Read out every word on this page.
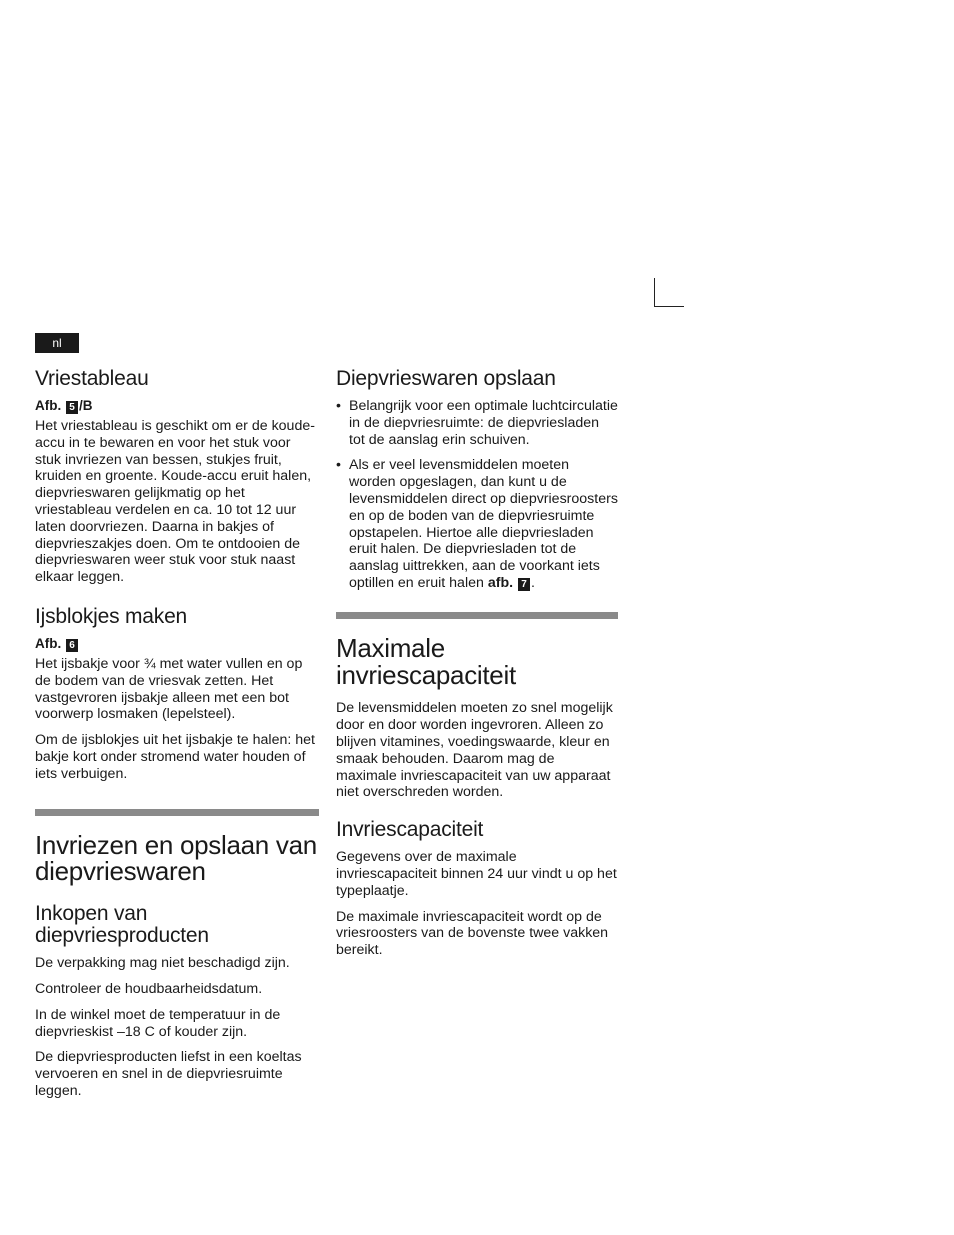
nl
Vriestableau
Afb. 5 /B

Het vriestableau is geschikt om er de koude-accu in te bewaren en voor het stuk voor stuk invriezen van bessen, stukjes fruit, kruiden en groente. Koude-accu eruit halen, diepvrieswaren gelijkmatig op het vriestableau verdelen en ca. 10 tot 12 uur laten doorvriezen. Daarna in bakjes of diepvrieszakjes doen. Om te ontdooien de diepvrieswaren weer stuk voor stuk naast elkaar leggen.

Ijsblokjes maken
Afb. 6

Het ijsbakje voor ¾ met water vullen en op de bodem van de vriesvak zetten. Het vastgevroren ijsbakje alleen met een bot voorwerp losmaken (lepelsteel).

Om de ijsblokjes uit het ijsbakje te halen: het bakje kort onder stromend water houden of iets verbuigen.

Invriezen en opslaan van diepvrieswaren
Inkopen van diepvriesproducten

De verpakking mag niet beschadigd zijn.

Controleer de houdbaarheidsdatum.

In de winkel moet de temperatuur in de diepvrieskist –18 C of kouder zijn.

De diepvriesproducten liefst in een koeltas vervoeren en snel in de diepvriesruimte leggen.

Diepvrieswaren opslaan
• Belangrijk voor een optimale luchtcirculatie in de diepvriesruimte: de diepvriesladen tot de aanslag erin schuiven.
• Als er veel levensmiddelen moeten worden opgeslagen, dan kunt u de levensmiddelen direct op diepvriesroosters en op de boden van de diepvriesruimte opstapelen. Hiertoe alle diepvriesladen eruit halen. De diepvriesladen tot de aanslag uittrekken, aan de voorkant iets optillen en eruit halen afb. 7 .
Maximale invriescapaciteit

De levensmiddelen moeten zo snel mogelijk door en door worden ingevroren. Alleen zo blijven vitamines, voedingswaarde, kleur en smaak behouden. Daarom mag de maximale invriescapaciteit van uw apparaat niet overschreden worden.

Invriescapaciteit

Gegevens over de maximale invriescapaciteit binnen 24 uur vindt u op het typeplaatje.

De maximale invriescapaciteit wordt op de vriesroosters van de bovenste twee vakken bereikt.
